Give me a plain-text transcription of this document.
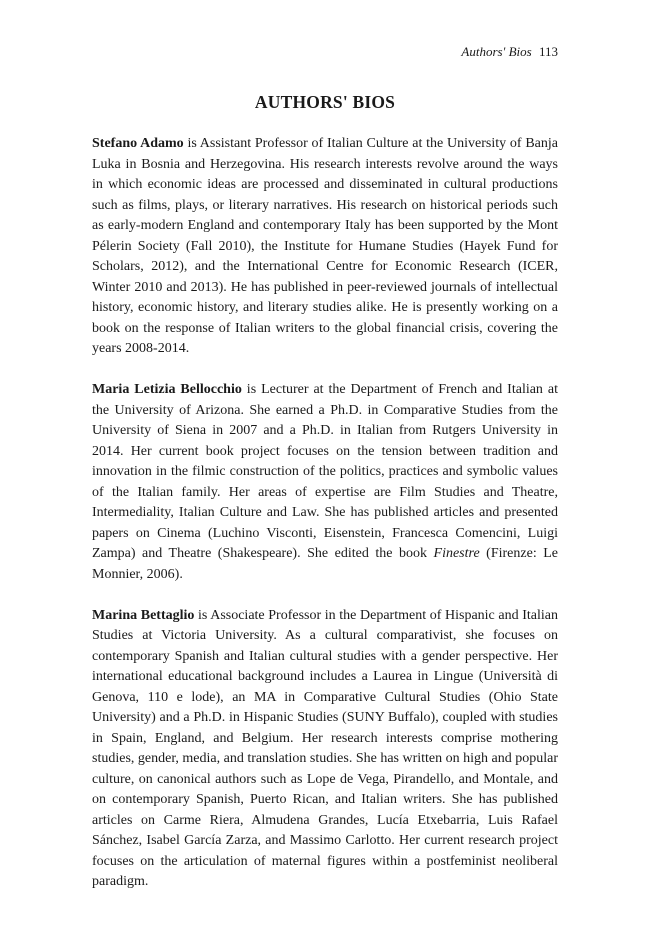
Authors' Bios 113
AUTHORS' BIOS

Stefano Adamo is Assistant Professor of Italian Culture at the University of Banja Luka in Bosnia and Herzegovina. His research interests revolve around the ways in which economic ideas are processed and disseminated in cultural productions such as films, plays, or literary narratives. His research on historical periods such as early-modern England and contemporary Italy has been supported by the Mont Pélerin Society (Fall 2010), the Institute for Humane Studies (Hayek Fund for Scholars, 2012), and the International Centre for Economic Research (ICER, Winter 2010 and 2013). He has published in peer-reviewed journals of intellectual history, economic history, and literary studies alike. He is presently working on a book on the response of Italian writers to the global financial crisis, covering the years 2008-2014.

Maria Letizia Bellocchio is Lecturer at the Department of French and Italian at the University of Arizona. She earned a Ph.D. in Comparative Studies from the University of Siena in 2007 and a Ph.D. in Italian from Rutgers University in 2014. Her current book project focuses on the tension between tradition and innovation in the filmic construction of the politics, practices and symbolic values of the Italian family. Her areas of expertise are Film Studies and Theatre, Intermediality, Italian Culture and Law. She has published articles and presented papers on Cinema (Luchino Visconti, Eisenstein, Francesca Comencini, Luigi Zampa) and Theatre (Shakespeare). She edited the book Finestre (Firenze: Le Monnier, 2006).

Marina Bettaglio is Associate Professor in the Department of Hispanic and Italian Studies at Victoria University. As a cultural comparativist, she focuses on contemporary Spanish and Italian cultural studies with a gender perspective. Her international educational background includes a Laurea in Lingue (Università di Genova, 110 e lode), an MA in Comparative Cultural Studies (Ohio State University) and a Ph.D. in Hispanic Studies (SUNY Buffalo), coupled with studies in Spain, England, and Belgium. Her research interests comprise mothering studies, gender, media, and translation studies. She has written on high and popular culture, on canonical authors such as Lope de Vega, Pirandello, and Montale, and on contemporary Spanish, Puerto Rican, and Italian writers. She has published articles on Carme Riera, Almudena Grandes, Lucía Etxebarria, Luis Rafael Sánchez, Isabel García Zarza, and Massimo Carlotto. Her current research project focuses on the articulation of maternal figures within a postfeminist neoliberal paradigm.
